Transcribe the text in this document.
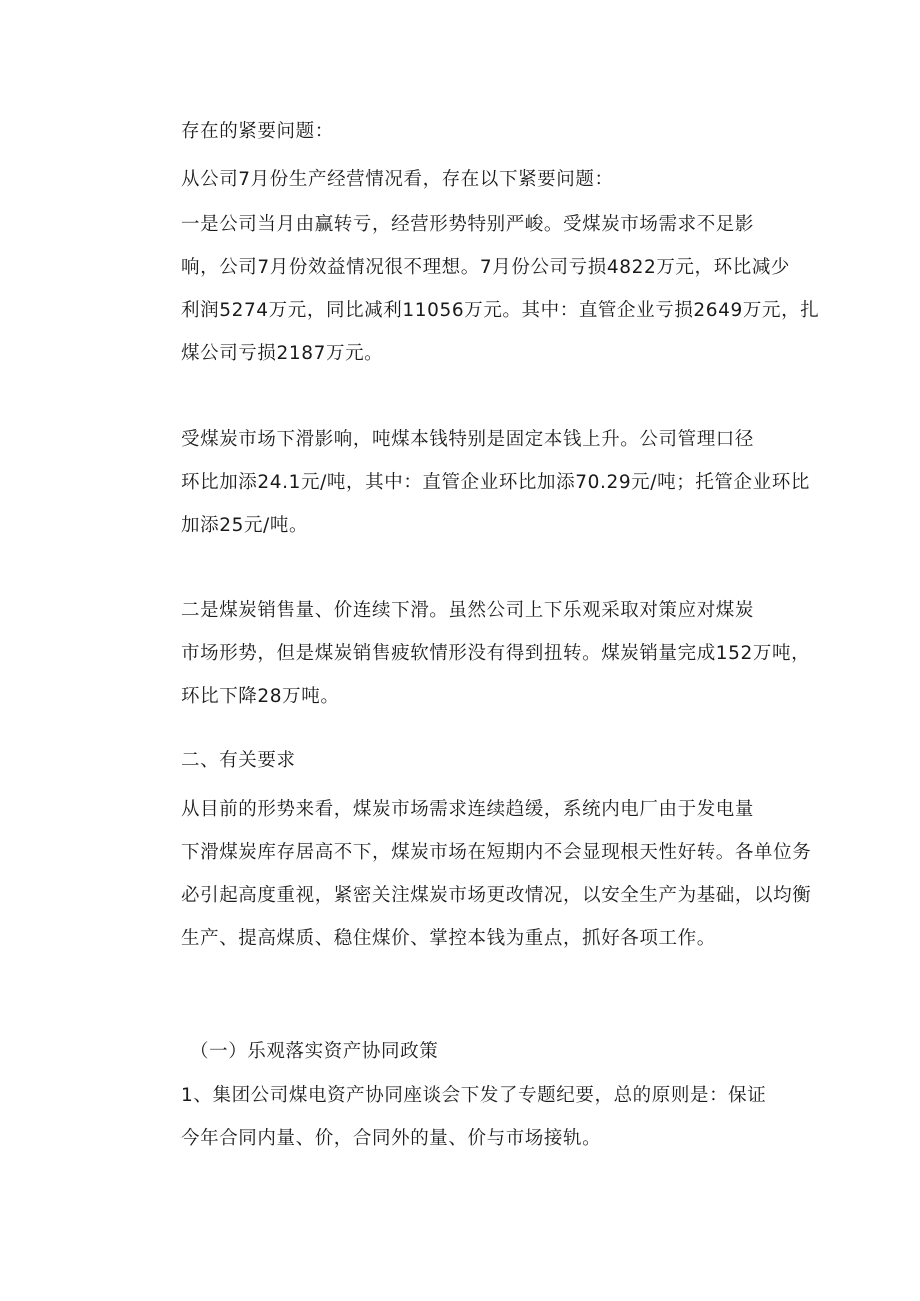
存在的紧要问题：

从公司7月份生产经营情况看，存在以下紧要问题：

一是公司当月由赢转亏，经营形势特别严峻。受煤炭市场需求不足影
响，公司7月份效益情况很不理想。7月份公司亏损4822万元，环比减少
利润5274万元，同比减利11056万元。其中：直管企业亏损2649万元，扎
煤公司亏损2187万元。

受煤炭市场下滑影响，吨煤本钱特别是固定本钱上升。公司管理口径
环比加添24.1元/吨，其中：直管企业环比加添70.29元/吨；托管企业环比
加添25元/吨。

二是煤炭销售量、价连续下滑。虽然公司上下乐观采取对策应对煤炭
市场形势，但是煤炭销售疲软情形没有得到扭转。煤炭销量完成152万吨，
环比下降28万吨。

二、有关要求

从目前的形势来看，煤炭市场需求连续趋缓，系统内电厂由于发电量
下滑煤炭库存居高不下，煤炭市场在短期内不会显现根天性好转。各单位务
必引起高度重视，紧密关注煤炭市场更改情况，以安全生产为基础，以均衡
生产、提高煤质、稳住煤价、掌控本钱为重点，抓好各项工作。

（一）乐观落实资产协同政策

1、集团公司煤电资产协同座谈会下发了专题纪要，总的原则是：保证
今年合同内量、价，合同外的量、价与市场接轨。
